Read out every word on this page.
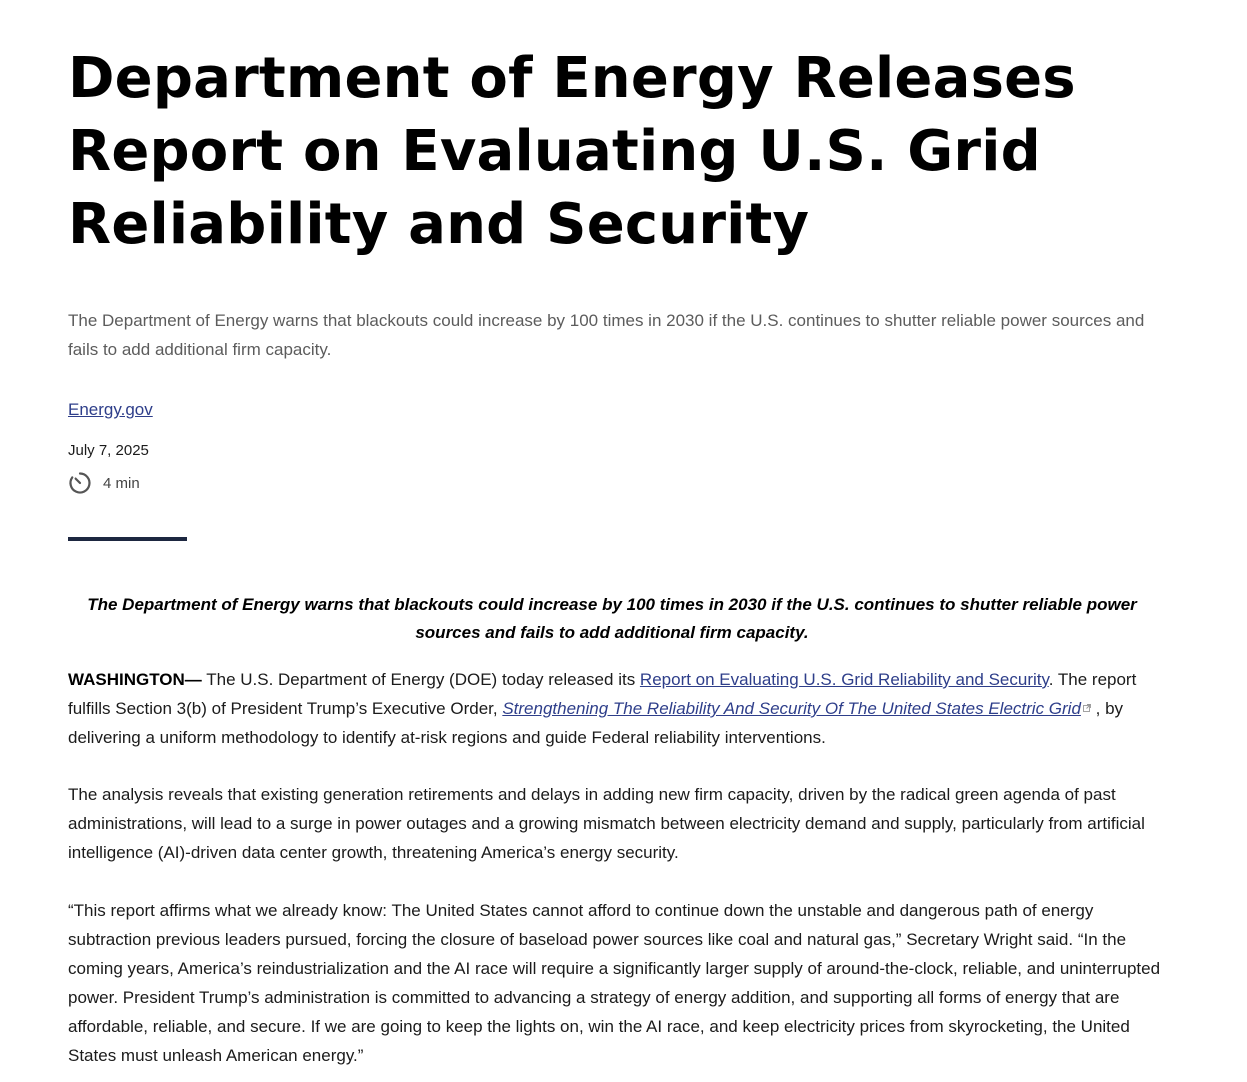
Department of Energy Releases Report on Evaluating U.S. Grid Reliability and Security

The Department of Energy warns that blackouts could increase by 100 times in 2030 if the U.S. continues to shutter reliable power sources and fails to add additional firm capacity.

Energy.gov
July 7, 2025
4 min

The Department of Energy warns that blackouts could increase by 100 times in 2030 if the U.S. continues to shutter reliable power sources and fails to add additional firm capacity.

WASHINGTON— The U.S. Department of Energy (DOE) today released its Report on Evaluating U.S. Grid Reliability and Security. The report fulfills Section 3(b) of President Trump’s Executive Order, Strengthening The Reliability And Security Of The United States Electric Grid , by delivering a uniform methodology to identify at-risk regions and guide Federal reliability interventions.

The analysis reveals that existing generation retirements and delays in adding new firm capacity, driven by the radical green agenda of past administrations, will lead to a surge in power outages and a growing mismatch between electricity demand and supply, particularly from artificial intelligence (AI)-driven data center growth, threatening America’s energy security.

“This report affirms what we already know: The United States cannot afford to continue down the unstable and dangerous path of energy subtraction previous leaders pursued, forcing the closure of baseload power sources like coal and natural gas,” Secretary Wright said. “In the coming years, America’s reindustrialization and the AI race will require a significantly larger supply of around-the-clock, reliable, and uninterrupted power. President Trump’s administration is committed to advancing a strategy of energy addition, and supporting all forms of energy that are affordable, reliable, and secure. If we are going to keep the lights on, win the AI race, and keep electricity prices from skyrocketing, the United States must unleash American energy.”
